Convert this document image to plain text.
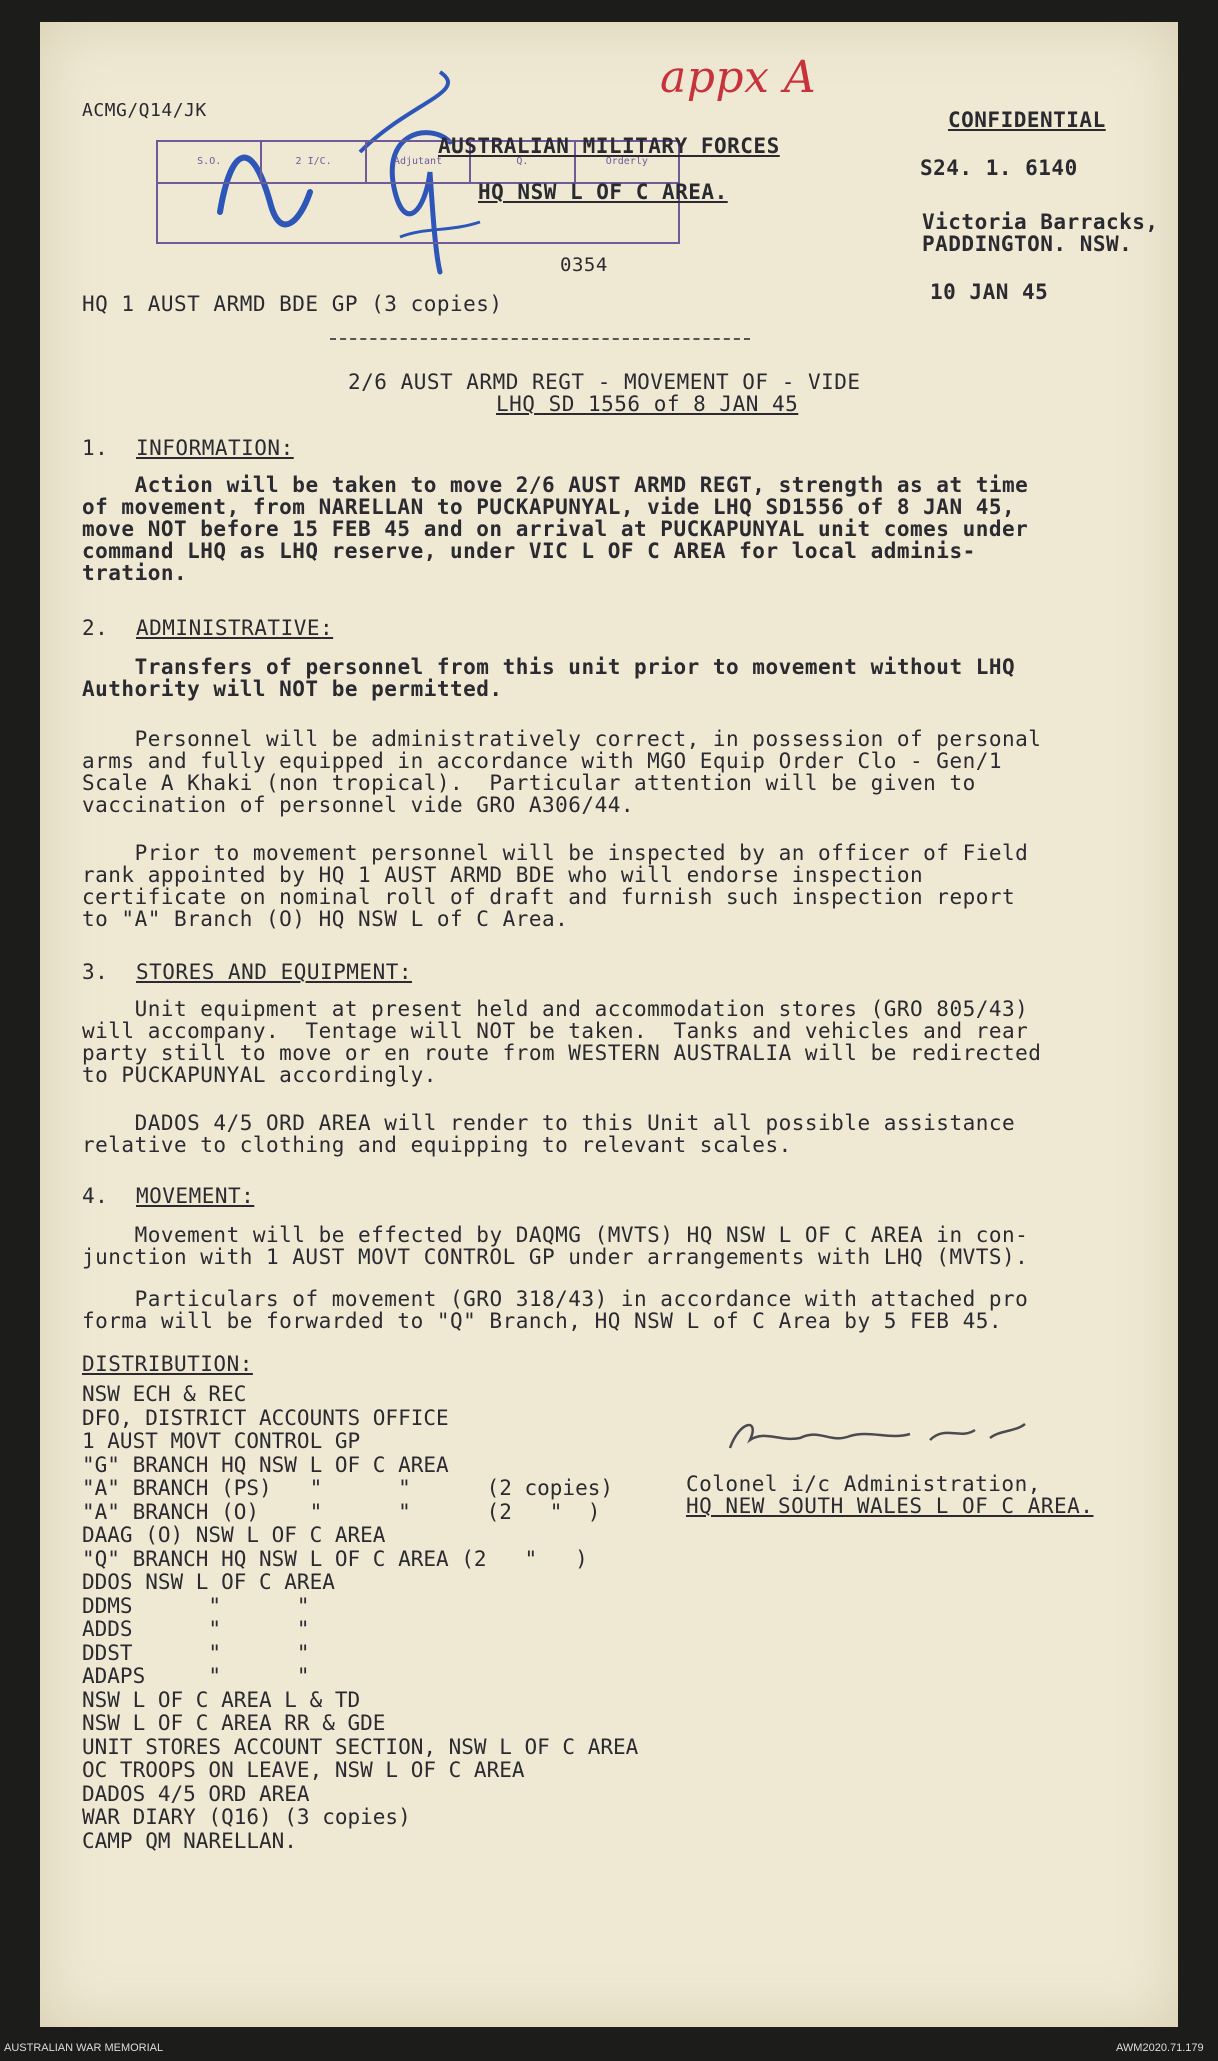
appx A
ACMG/Q14/JK	CONFIDENTIAL
S.O.	2 I/C.	Adjutant	Q.	Orderly
AUSTRALIAN MILITARY FORCES
HQ NSW L OF C AREA.
S24. 1. 6140
Victoria Barracks,
PADDINGTON. NSW.
0354
10 JAN 45
HQ 1 AUST ARMD BDE GP (3 copies)
2/6 AUST ARMD REGT - MOVEMENT OF - VIDE
LHQ SD 1556 of 8 JAN 45
1. INFORMATION:
Action will be taken to move 2/6 AUST ARMD REGT, strength as at time
of movement, from NARELLAN to PUCKAPUNYAL, vide LHQ SD1556 of 8 JAN 45,
move NOT before 15 FEB 45 and on arrival at PUCKAPUNYAL unit comes under
command LHQ as LHQ reserve, under VIC L OF C AREA for local adminis-
tration.
2. ADMINISTRATIVE:
Transfers of personnel from this unit prior to movement without LHQ
Authority will NOT be permitted.
Personnel will be administratively correct, in possession of personal
arms and fully equipped in accordance with MGO Equip Order Clo - Gen/1
Scale A Khaki (non tropical).  Particular attention will be given to
vaccination of personnel vide GRO A306/44.
Prior to movement personnel will be inspected by an officer of Field
rank appointed by HQ 1 AUST ARMD BDE who will endorse inspection
certificate on nominal roll of draft and furnish such inspection report
to "A" Branch (O) HQ NSW L of C Area.
3. STORES AND EQUIPMENT:
Unit equipment at present held and accommodation stores (GRO 805/43)
will accompany.  Tentage will NOT be taken.  Tanks and vehicles and rear
party still to move or en route from WESTERN AUSTRALIA will be redirected
to PUCKAPUNYAL accordingly.
DADOS 4/5 ORD AREA will render to this Unit all possible assistance
relative to clothing and equipping to relevant scales.
4. MOVEMENT:
Movement will be effected by DAQMG (MVTS) HQ NSW L OF C AREA in con-
junction with 1 AUST MOVT CONTROL GP under arrangements with LHQ (MVTS).
Particulars of movement (GRO 318/43) in accordance with attached pro
forma will be forwarded to "Q" Branch, HQ NSW L of C Area by 5 FEB 45.
DISTRIBUTION:
NSW ECH & REC
DFO, DISTRICT ACCOUNTS OFFICE
1 AUST MOVT CONTROL GP
"G" BRANCH HQ NSW L OF C AREA
"A" BRANCH (PS)   "      "      (2 copies)
"A" BRANCH (O)    "      "      (2   "  )
DAAG (O) NSW L OF C AREA
"Q" BRANCH HQ NSW L OF C AREA (2   "   )
DDOS NSW L OF C AREA
DDMS      "      "
ADDS      "      "
DDST      "      "
ADAPS     "      "
NSW L OF C AREA L & TD
NSW L OF C AREA RR & GDE
UNIT STORES ACCOUNT SECTION, NSW L OF C AREA
OC TROOPS ON LEAVE, NSW L OF C AREA
DADOS 4/5 ORD AREA
WAR DIARY (Q16) (3 copies)
CAMP QM NARELLAN.
Colonel i/c Administration,
HQ NEW SOUTH WALES L OF C AREA.
AUSTRALIAN WAR MEMORIAL	AWM2020.71.179
